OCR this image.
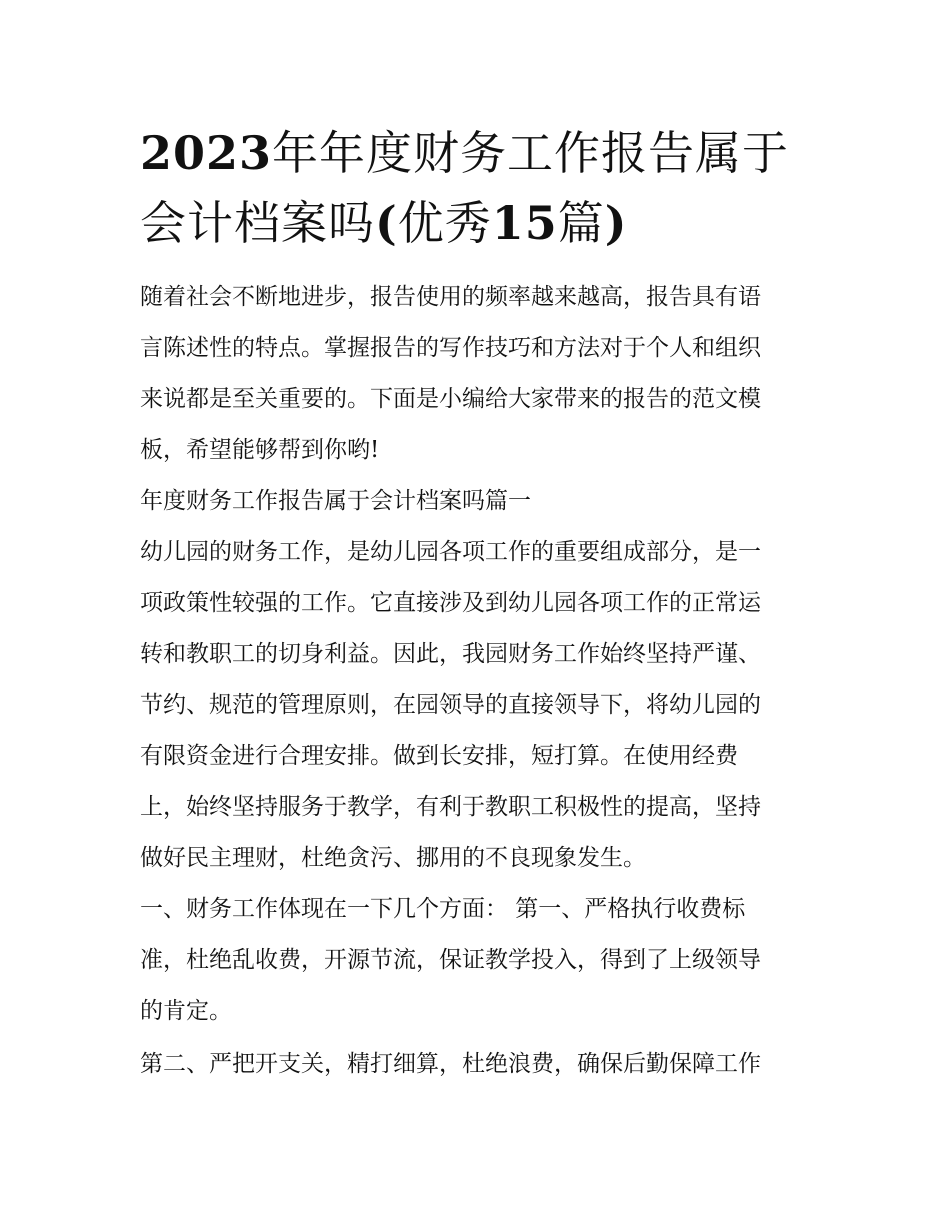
2023年年度财务工作报告属于
会计档案吗(优秀15篇)
随着社会不断地进步，报告使用的频率越来越高，报告具有语
言陈述性的特点。掌握报告的写作技巧和方法对于个人和组织
来说都是至关重要的。下面是小编给大家带来的报告的范文模
板，希望能够帮到你哟!
年度财务工作报告属于会计档案吗篇一
幼儿园的财务工作，是幼儿园各项工作的重要组成部分，是一
项政策性较强的工作。它直接涉及到幼儿园各项工作的正常运
转和教职工的切身利益。因此，我园财务工作始终坚持严谨、
节约、规范的管理原则，在园领导的直接领导下，将幼儿园的
有限资金进行合理安排。做到长安排，短打算。在使用经费
上，始终坚持服务于教学，有利于教职工积极性的提高，坚持
做好民主理财，杜绝贪污、挪用的不良现象发生。
一、财务工作体现在一下几个方面： 第一、严格执行收费标
准，杜绝乱收费，开源节流，保证教学投入，得到了上级领导
的肯定。
第二、严把开支关，精打细算，杜绝浪费，确保后勤保障工作
